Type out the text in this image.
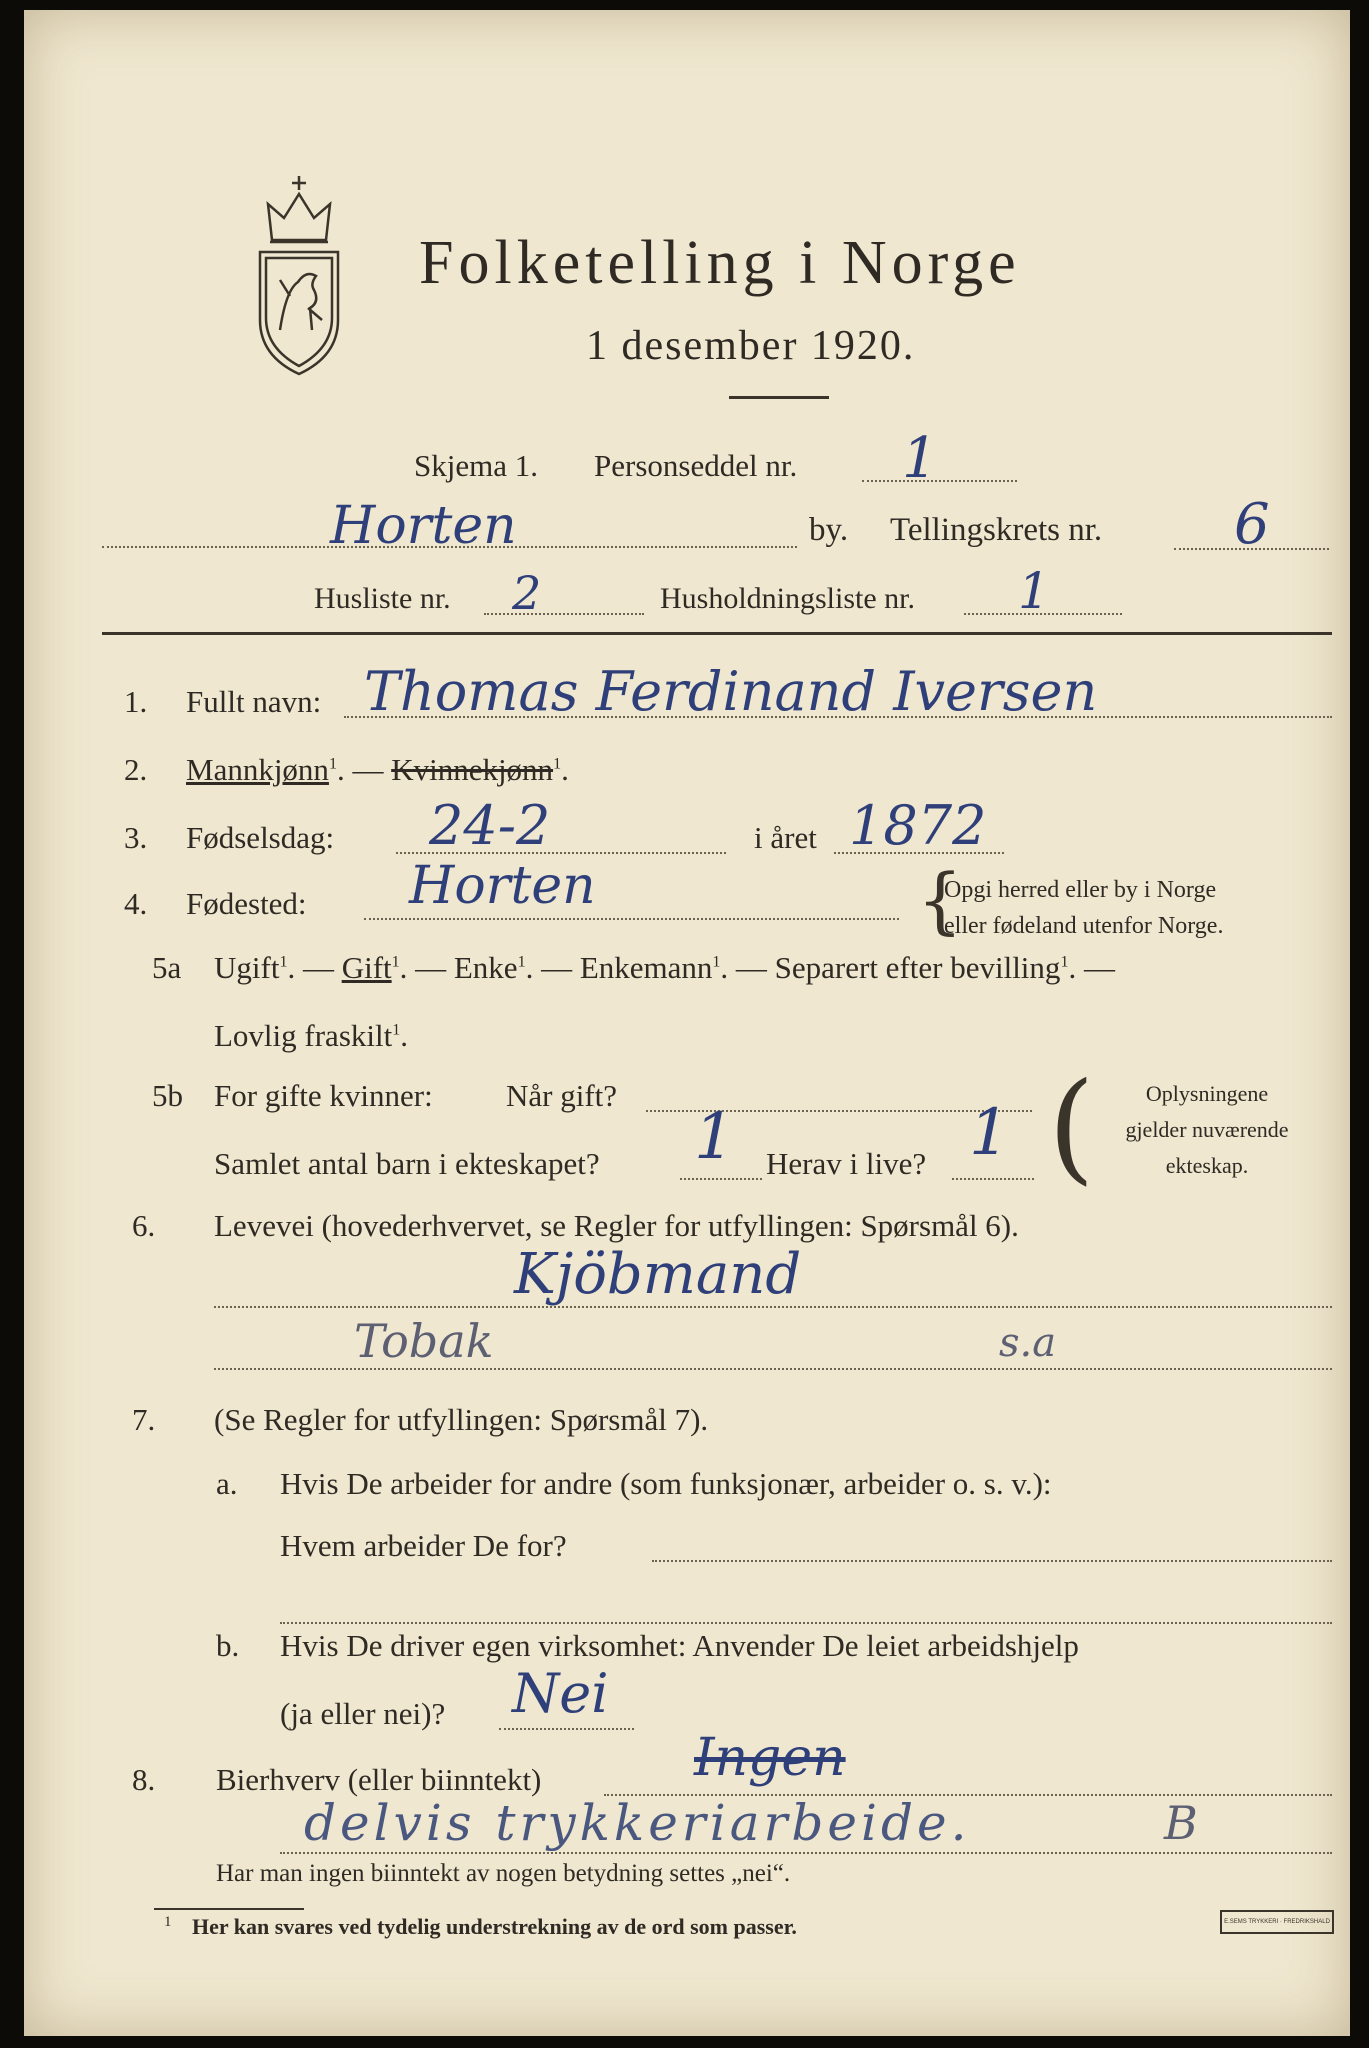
Folketelling i Norge
1 desember 1920.
Skjema 1. Personseddel nr. 1
Horten	by. Tellingskrets nr. 6
Husliste nr. 2	Husholdningsliste nr. 1
1. Fullt navn: Thomas Ferdinand Iversen
2. Mannkjønn$^1$. — Kvinnekjønn$^1$.
3. Fødselsdag: 24-2	i året 1872
4. Fødested: Horten	{
Opgi herred eller by i Norge
eller fødeland utenfor Norge.
5a Ugift$^1$. — Gift$^1$. — Enke$^1$. — Enkemann$^1$. — Separert efter bevilling$^1$. —
Lovlig fraskilt$^1$.
5b For gifte kvinner: Når gift?
Samlet antal barn i ekteskapet? 1 Herav i live? 1 (	Oplysningene
gjelder nuværende
ekteskap.
6. Levevei (hovederhvervet, se Regler for utfyllingen: Spørsmål 6).
Kjöbmand
Tobak	s.a
7. (Se Regler for utfyllingen: Spørsmål 7).
a. Hvis De arbeider for andre (som funksjonær, arbeider o. s. v.):
Hvem arbeider De for?
b. Hvis De driver egen virksomhet: Anvender De leiet arbeidshjelp
(ja eller nei)? Nei
8. Bierhverv (eller biinntekt)	Ingen
delvis trykkeriarbeide.	B
Har man ingen biinntekt av nogen betydning settes „nei“.
1 Her kan svares ved tydelig understrekning av de ord som passer.	E.SEMS TRYKKERI · FREDRIKSHALD
